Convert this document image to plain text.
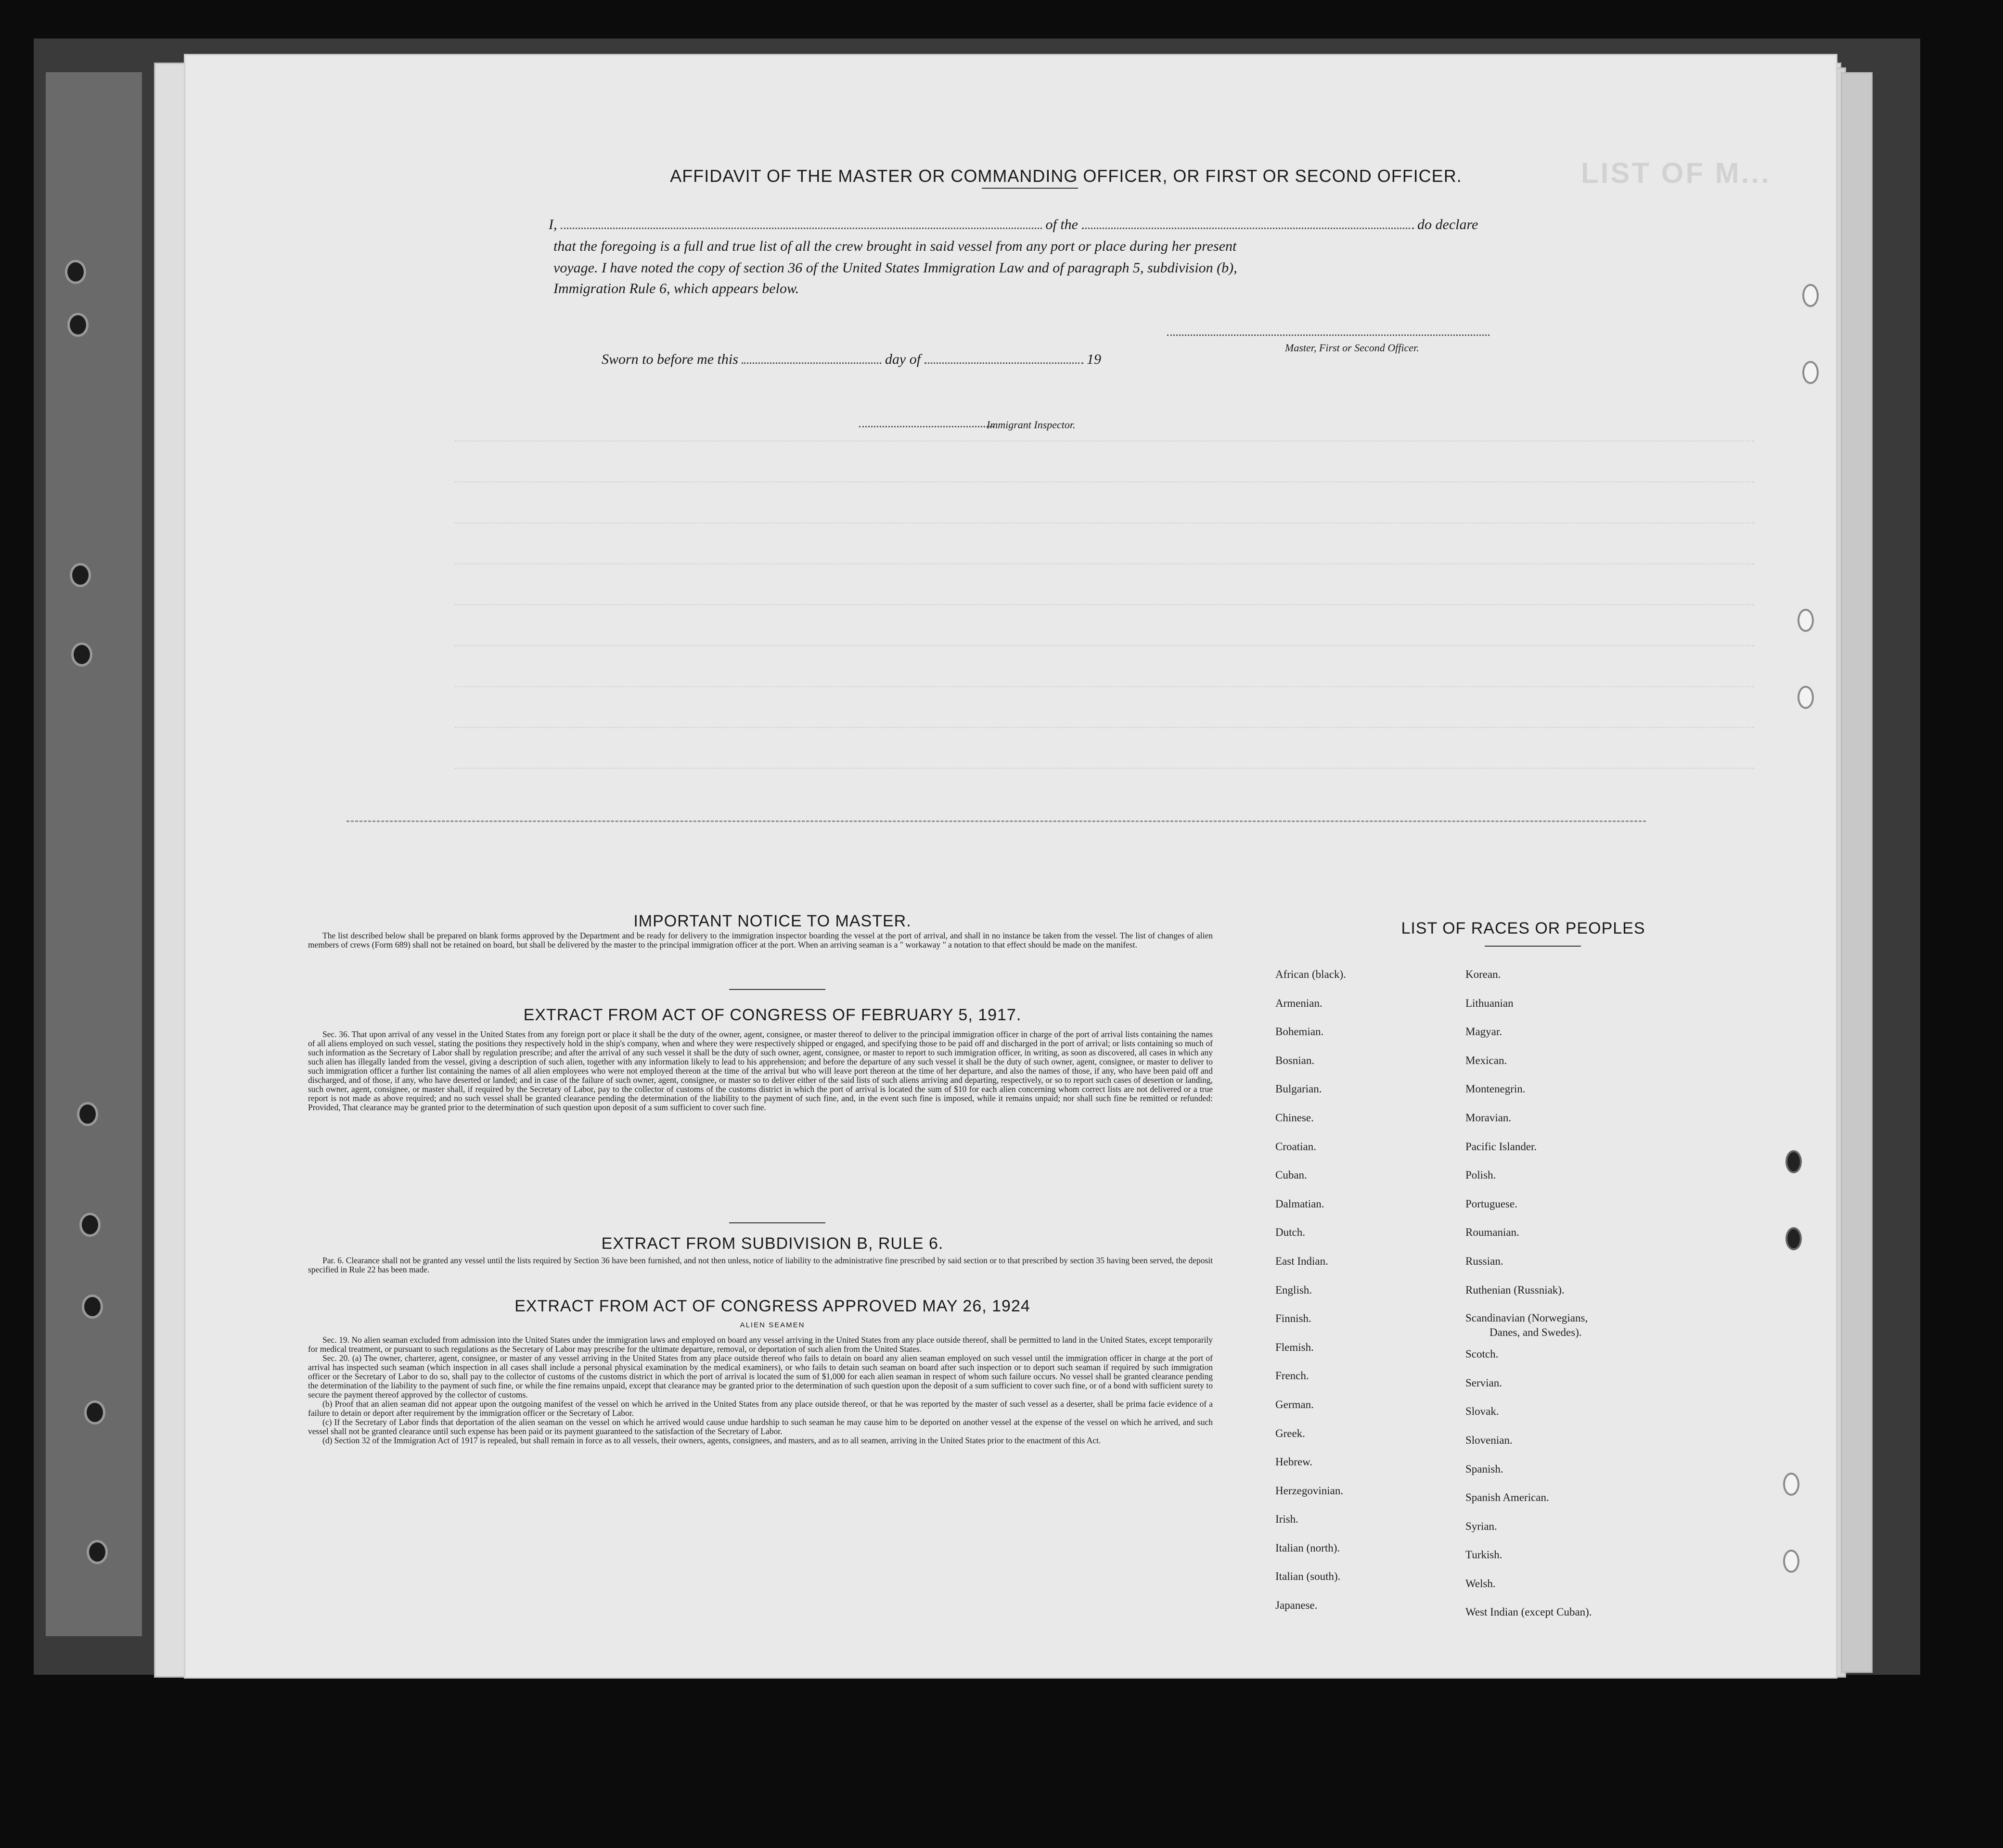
LIST OF M...
AFFIDAVIT OF THE MASTER OR COMMANDING OFFICER, OR FIRST OR SECOND OFFICER.
I,	of the	do declare
that the foregoing is a full and true list of all the crew brought in said vessel from any port or place during her present
voyage. I have noted the copy of section 36 of the United States Immigration Law and of paragraph 5, subdivision (b),
Immigration Rule 6, which appears below.
Master, First or Second Officer.
Sworn to before me this	day of	19
Immigrant Inspector.
IMPORTANT NOTICE TO MASTER.

The list described below shall be prepared on blank forms approved by the Department and be ready for delivery to the immigration inspector boarding the vessel at the port of arrival, and shall in no instance be taken from the vessel. The list of changes of alien members of crews (Form 689) shall not be retained on board, but shall be delivered by the master to the principal immigration officer at the port. When an arriving seaman is a " workaway " a notation to that effect should be made on the manifest.

EXTRACT FROM ACT OF CONGRESS OF FEBRUARY 5, 1917.

Sec. 36. That upon arrival of any vessel in the United States from any foreign port or place it shall be the duty of the owner, agent, consignee, or master thereof to deliver to the principal immigration officer in charge of the port of arrival lists containing the names of all aliens employed on such vessel, stating the positions they respectively hold in the ship's company, when and where they were respectively shipped or engaged, and specifying those to be paid off and discharged in the port of arrival; or lists containing so much of such information as the Secretary of Labor shall by regulation prescribe; and after the arrival of any such vessel it shall be the duty of such owner, agent, consignee, or master to report to such immigration officer, in writing, as soon as discovered, all cases in which any such alien has illegally landed from the vessel, giving a description of such alien, together with any information likely to lead to his apprehension; and before the departure of any such vessel it shall be the duty of such owner, agent, consignee, or master to deliver to such immigration officer a further list containing the names of all alien employees who were not employed thereon at the time of the arrival but who will leave port thereon at the time of her departure, and also the names of those, if any, who have been paid off and discharged, and of those, if any, who have deserted or landed; and in case of the failure of such owner, agent, consignee, or master so to deliver either of the said lists of such aliens arriving and departing, respectively, or so to report such cases of desertion or landing, such owner, agent, consignee, or master shall, if required by the Secretary of Labor, pay to the collector of customs of the customs district in which the port of arrival is located the sum of $10 for each alien concerning whom correct lists are not delivered or a true report is not made as above required; and no such vessel shall be granted clearance pending the determination of the liability to the payment of such fine, and, in the event such fine is imposed, while it remains unpaid; nor shall such fine be remitted or refunded: Provided, That clearance may be granted prior to the determination of such question upon deposit of a sum sufficient to cover such fine.

EXTRACT FROM SUBDIVISION B, RULE 6.

Par. 6. Clearance shall not be granted any vessel until the lists required by Section 36 have been furnished, and not then unless, notice of liability to the administrative fine prescribed by said section or to that prescribed by section 35 having been served, the deposit specified in Rule 22 has been made.

EXTRACT FROM ACT OF CONGRESS APPROVED MAY 26, 1924
ALIEN SEAMEN

Sec. 19. No alien seaman excluded from admission into the United States under the immigration laws and employed on board any vessel arriving in the United States from any place outside thereof, shall be permitted to land in the United States, except temporarily for medical treatment, or pursuant to such regulations as the Secretary of Labor may prescribe for the ultimate departure, removal, or deportation of such alien from the United States.

Sec. 20. (a) The owner, charterer, agent, consignee, or master of any vessel arriving in the United States from any place outside thereof who fails to detain on board any alien seaman employed on such vessel until the immigration officer in charge at the port of arrival has inspected such seaman (which inspection in all cases shall include a personal physical examination by the medical examiners), or who fails to detain such seaman on board after such inspection or to deport such seaman if required by such immigration officer or the Secretary of Labor to do so, shall pay to the collector of customs of the customs district in which the port of arrival is located the sum of $1,000 for each alien seaman in respect of whom such failure occurs. No vessel shall be granted clearance pending the determination of the liability to the payment of such fine, or while the fine remains unpaid, except that clearance may be granted prior to the determination of such question upon the deposit of a sum sufficient to cover such fine, or of a bond with sufficient surety to secure the payment thereof approved by the collector of customs.

(b) Proof that an alien seaman did not appear upon the outgoing manifest of the vessel on which he arrived in the United States from any place outside thereof, or that he was reported by the master of such vessel as a deserter, shall be prima facie evidence of a failure to detain or deport after requirement by the immigration officer or the Secretary of Labor.

(c) If the Secretary of Labor finds that deportation of the alien seaman on the vessel on which he arrived would cause undue hardship to such seaman he may cause him to be deported on another vessel at the expense of the vessel on which he arrived, and such vessel shall not be granted clearance until such expense has been paid or its payment guaranteed to the satisfaction of the Secretary of Labor.

(d) Section 32 of the Immigration Act of 1917 is repealed, but shall remain in force as to all vessels, their owners, agents, consignees, and masters, and as to all seamen, arriving in the United States prior to the enactment of this Act.

LIST OF RACES OR PEOPLES
African (black).
Armenian.
Bohemian.
Bosnian.
Bulgarian.
Chinese.
Croatian.
Cuban.
Dalmatian.
Dutch.
East Indian.
English.
Finnish.
Flemish.
French.
German.
Greek.
Hebrew.
Herzegovinian.
Irish.
Italian (north).
Italian (south).
Japanese.
Korean.
Lithuanian
Magyar.
Mexican.
Montenegrin.
Moravian.
Pacific Islander.
Polish.
Portuguese.
Roumanian.
Russian.
Ruthenian (Russniak).
Scandinavian (Norwegians,
Danes, and Swedes).
Scotch.
Servian.
Slovak.
Slovenian.
Spanish.
Spanish American.
Syrian.
Turkish.
Welsh.
West Indian (except Cuban).
